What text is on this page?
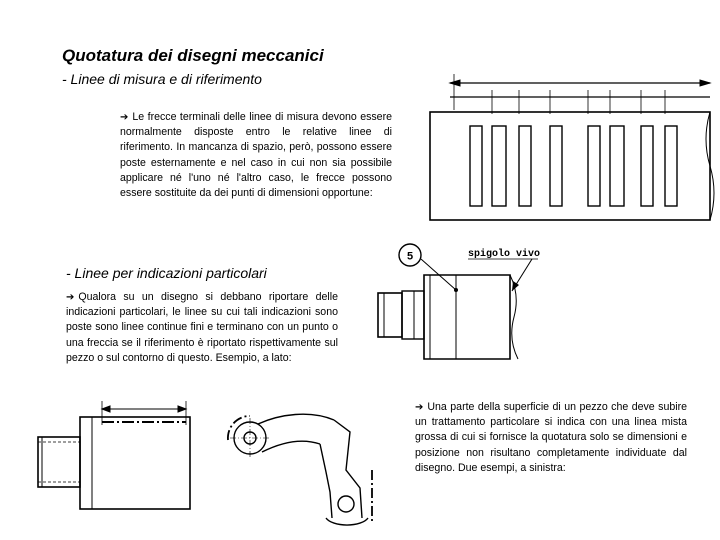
Quotatura dei disegni meccanici
- Linee di misura e di riferimento
➔ Le frecce terminali delle linee di misura devono essere normalmente disposte entro le relative linee di riferimento. In mancanza di spazio, però, possono essere poste esternamente e nel caso in cui non sia possibile applicare né l'uno né l'altro caso, le frecce possono essere sostituite da dei punti di dimensioni opportune:
- Linee per indicazioni particolari
➔ Qualora su un disegno si debbano riportare delle indicazioni particolari, le linee su cui tali indicazioni sono poste sono linee continue fini e terminano con un punto o una freccia se il riferimento è riportato rispettivamente sul pezzo o sul contorno di questo. Esempio, a lato:
5	spigolo vivo
➔ Una parte della superficie di un pezzo che deve subire un trattamento particolare si indica con una linea mista grossa di cui si fornisce la quotatura solo se dimensioni e posizione non risultano completamente individuate dal disegno. Due esempi, a sinistra:
